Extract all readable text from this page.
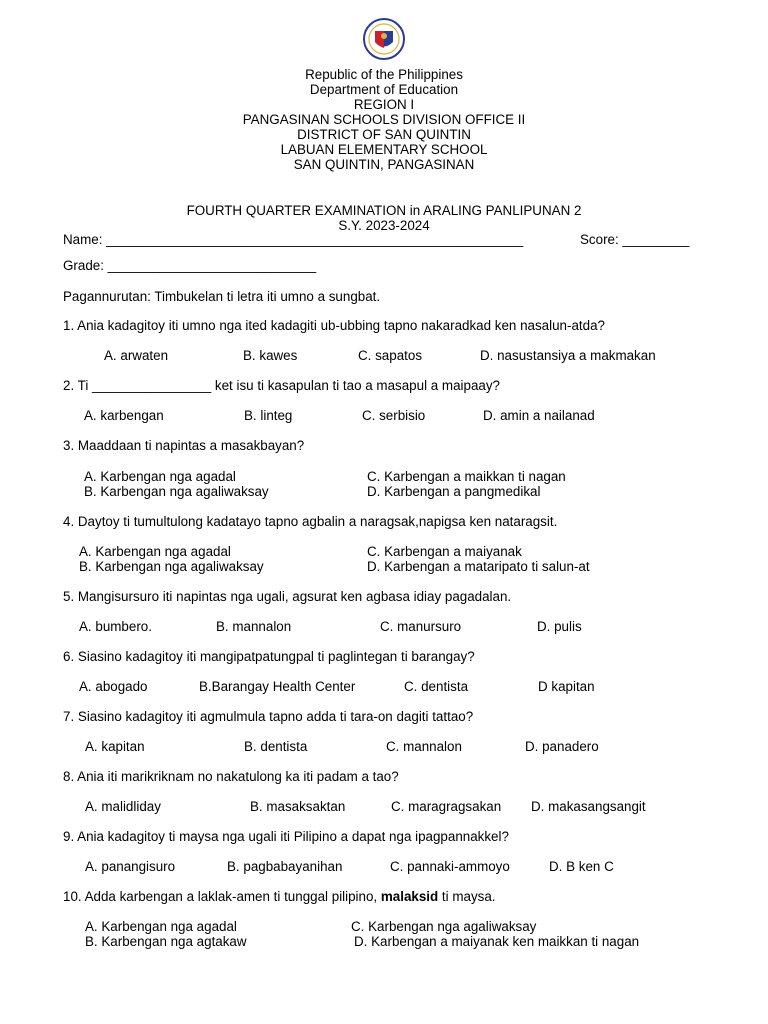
Republic of the Philippines
Department of Education
REGION I
PANGASINAN SCHOOLS DIVISION OFFICE II
DISTRICT OF SAN QUINTIN
LABUAN ELEMENTARY SCHOOL
SAN QUINTIN, PANGASINAN
FOURTH QUARTER EXAMINATION in ARALING PANLIPUNAN 2
S.Y. 2023-2024
Name: ________________________________________________________	Score: _________
Grade: ____________________________
Pagannurutan: Timbukelan ti letra iti umno a sungbat.
1. Ania kadagitoy iti umno nga ited kadagiti ub-ubbing tapno nakaradkad ken nasalun-atda?
A. arwaten	B. kawes	C. sapatos	D. nasustansiya a makmakan
2. Ti ________________ ket isu ti kasapulan ti tao a masapul a maipaay?
A. karbengan	B. linteg	C. serbisio	D. amin a nailanad
3. Maaddaan ti napintas a masakbayan?
A. Karbengan nga agadal
B. Karbengan nga agaliwaksay
C. Karbengan a maikkan ti nagan
D. Karbengan a pangmedikal
4. Daytoy ti tumultulong kadatayo tapno agbalin a naragsak,napigsa ken nataragsit.
A. Karbengan nga agadal
B. Karbengan nga agaliwaksay
C. Karbengan a maiyanak
D. Karbengan a mataripato ti salun-at
5. Mangisursuro iti napintas nga ugali, agsurat ken agbasa idiay pagadalan.
A. bumbero.	B. mannalon	C. manursuro	D. pulis
6. Siasino kadagitoy iti mangipatpatungpal ti paglintegan ti barangay?
A. abogado	B.Barangay Health Center	C. dentista	D kapitan
7. Siasino kadagitoy iti agmulmula tapno adda ti tara-on dagiti tattao?
A. kapitan	B. dentista	C. mannalon	D. panadero
8. Ania iti marikriknam no nakatulong ka iti padam a tao?
A. malidliday	B. masaksaktan	C. maragragsakan D. makasangsangit
9. Ania kadagitoy ti maysa nga ugali iti Pilipino a dapat nga ipagpannakkel?
A. panangisuro	B. pagbabayanihan	C. pannaki-ammoyo	D. B ken C
10. Adda karbengan a laklak-amen ti tunggal pilipino, malaksid ti maysa.
A. Karbengan nga agadal
B. Karbengan nga agtakaw
C. Karbengan nga agaliwaksay
D. Karbengan a maiyanak ken maikkan ti nagan
